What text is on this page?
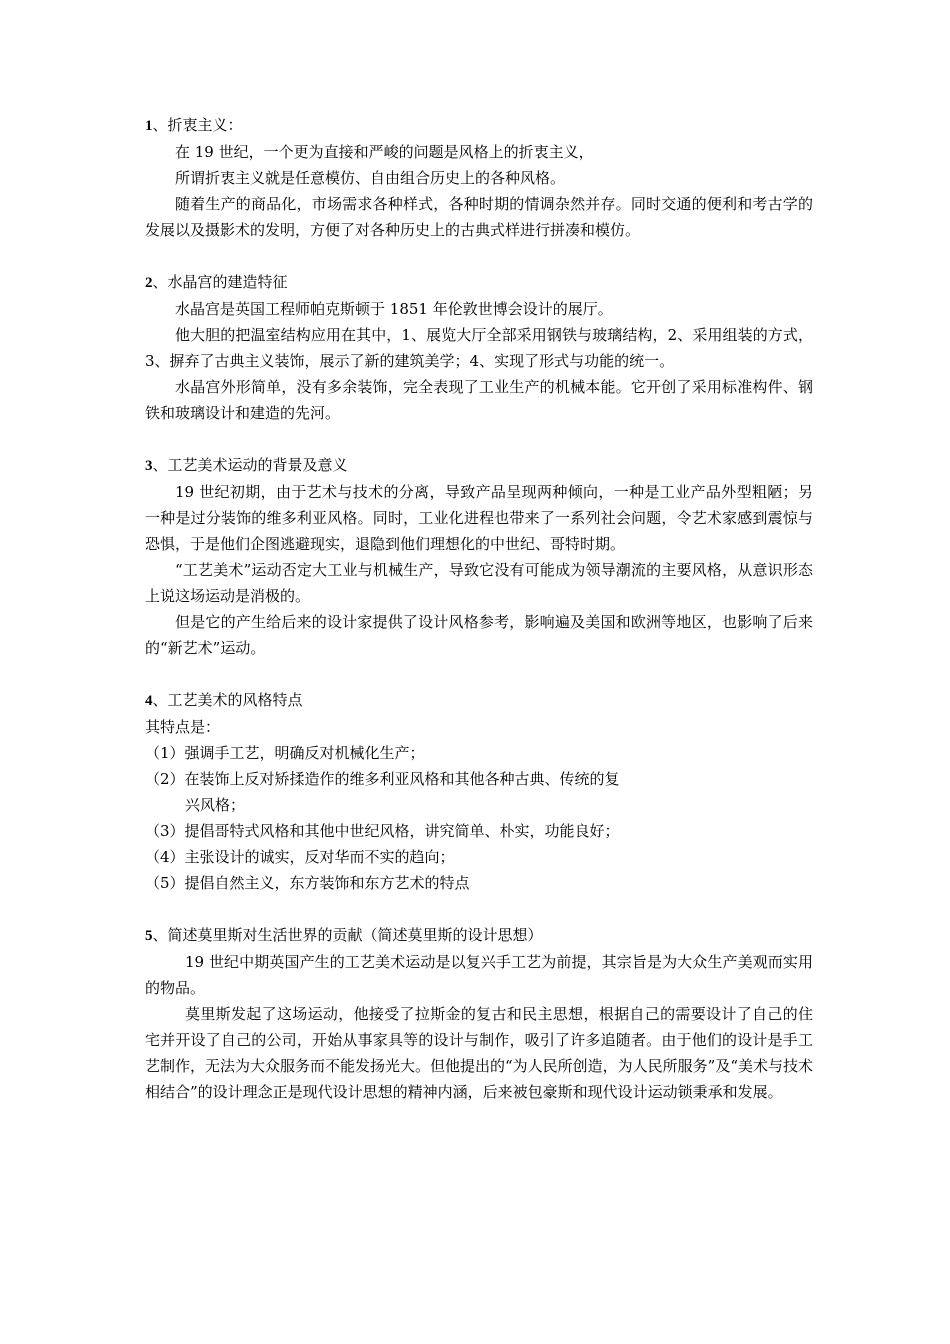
1、折衷主义：

在 19 世纪，一个更为直接和严峻的问题是风格上的折衷主义，

所谓折衷主义就是任意模仿、自由组合历史上的各种风格。

随着生产的商品化，市场需求各种样式，各种时期的情调杂然并存。同时交通的便利和考古学的发展以及摄影术的发明，方便了对各种历史上的古典式样进行拼凑和模仿。

2、水晶宫的建造特征

水晶宫是英国工程师帕克斯顿于 1851 年伦敦世博会设计的展厅。

他大胆的把温室结构应用在其中，1、展览大厅全部采用钢铁与玻璃结构，2、采用组装的方式，3、摒弃了古典主义装饰，展示了新的建筑美学；4、实现了形式与功能的统一。

水晶宫外形简单，没有多余装饰，完全表现了工业生产的机械本能。它开创了采用标准构件、钢铁和玻璃设计和建造的先河。

3、工艺美术运动的背景及意义

19 世纪初期，由于艺术与技术的分离，导致产品呈现两种倾向，一种是工业产品外型粗陋；另一种是过分装饰的维多利亚风格。同时，工业化进程也带来了一系列社会问题，令艺术家感到震惊与恐惧，于是他们企图逃避现实，退隐到他们理想化的中世纪、哥特时期。

“工艺美术”运动否定大工业与机械生产，导致它没有可能成为领导潮流的主要风格，从意识形态上说这场运动是消极的。

但是它的产生给后来的设计家提供了设计风格参考，影响遍及美国和欧洲等地区，也影响了后来的“新艺术”运动。

4、工艺美术的风格特点

其特点是：

（1）强调手工艺，明确反对机械化生产；

（2）在装饰上反对矫揉造作的维多利亚风格和其他各种古典、传统的复兴风格；

（3）提倡哥特式风格和其他中世纪风格，讲究简单、朴实，功能良好；

（4）主张设计的诚实，反对华而不实的趋向；

（5）提倡自然主义，东方装饰和东方艺术的特点

5、简述莫里斯对生活世界的贡献（简述莫里斯的设计思想）

19 世纪中期英国产生的工艺美术运动是以复兴手工艺为前提，其宗旨是为大众生产美观而实用的物品。

莫里斯发起了这场运动，他接受了拉斯金的复古和民主思想，根据自己的需要设计了自己的住宅并开设了自己的公司，开始从事家具等的设计与制作，吸引了许多追随者。由于他们的设计是手工艺制作，无法为大众服务而不能发扬光大。但他提出的“为人民所创造，为人民所服务”及“美术与技术相结合”的设计理念正是现代设计思想的精神内涵，后来被包豪斯和现代设计运动锁秉承和发展。
